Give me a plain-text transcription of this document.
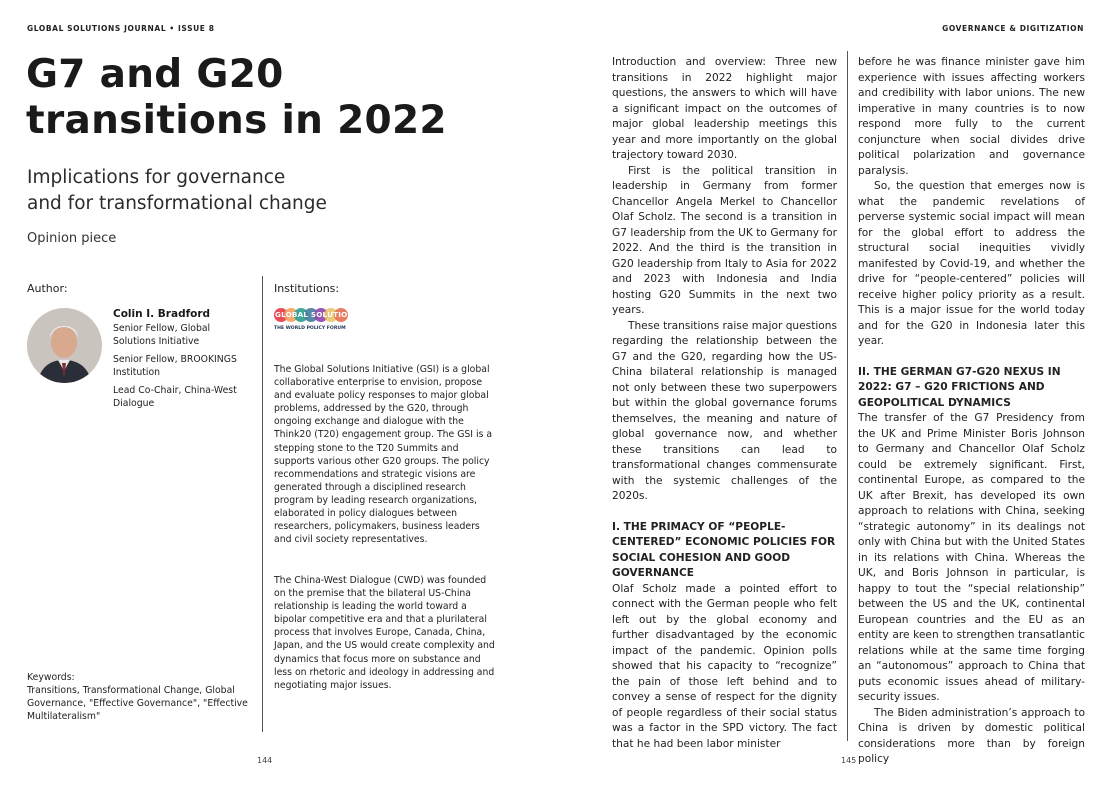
GLOBAL SOLUTIONS JOURNAL • ISSUE 8	GOVERNANCE & DIGITIZATION
G7 and G20
transitions in 2022
Implications for governance
and for transformational change
Opinion piece
Author:
Colin I. Bradford
Senior Fellow, Global Solutions Initiative
Senior Fellow, BROOKINGS Institution
Lead Co-Chair, China-West Dialogue
Institutions:
GLOBAL SOLUTIONS
THE WORLD POLICY FORUM
The Global Solutions Initiative (GSI) is a global collaborative enterprise to envision, propose and evaluate policy responses to major global problems, addressed by the G20, through ongoing exchange and dialogue with the Think20 (T20) engagement group. The GSI is a stepping stone to the T20 Summits and supports various other G20 groups. The policy recommendations and strategic visions are generated through a disciplined research program by leading research organizations, elaborated in policy dialogues between researchers, policymakers, business leaders and civil society representatives.
The China-West Dialogue (CWD) was founded on the premise that the bilateral US-China relationship is leading the world toward a bipolar competitive era and that a plurilateral process that involves Europe, Canada, China, Japan, and the US would create complexity and dynamics that focus more on substance and less on rhetoric and ideology in addressing and negotiating major issues.
Keywords:
Transitions, Transformational Change, Global Governance, "Effective Governance", "Effective Multilateralism"
144	145

Introduction and overview: Three new transitions in 2022 highlight major questions, the answers to which will have a significant impact on the outcomes of major global leadership meetings this year and more importantly on the global trajectory toward 2030.

First is the political transition in leadership in Germany from former Chancellor Angela Merkel to Chancellor Olaf Scholz. The second is a transition in G7 leadership from the UK to Germany for 2022. And the third is the transition in G20 leadership from Italy to Asia for 2022 and 2023 with Indonesia and India hosting G20 Summits in the next two years.

These transitions raise major questions regarding the relationship between the G7 and the G20, regarding how the US-China bilateral relationship is managed not only between these two superpowers but within the global governance forums themselves, the meaning and nature of global governance now, and whether these transitions can lead to transformational changes commensurate with the systemic challenges of the 2020s.

I. THE PRIMACY OF “PEOPLE-CENTERED” ECONOMIC POLICIES FOR SOCIAL COHESION AND GOOD GOVERNANCE

Olaf Scholz made a pointed effort to connect with the German people who felt left out by the global economy and further disadvantaged by the economic impact of the pandemic. Opinion polls showed that his capacity to “recognize” the pain of those left behind and to convey a sense of respect for the dignity of people regardless of their social status was a factor in the SPD victory. The fact that he had been labor minister

before he was finance minister gave him experience with issues affecting workers and credibility with labor unions. The new imperative in many countries is to now respond more fully to the current conjuncture when social divides drive political polarization and governance paralysis.

So, the question that emerges now is what the pandemic revelations of perverse systemic social impact will mean for the global effort to address the structural social inequities vividly manifested by Covid-19, and whether the drive for “people-centered” policies will receive higher policy priority as a result. This is a major issue for the world today and for the G20 in Indonesia later this year.

II. THE GERMAN G7-G20 NEXUS IN 2022: G7 – G20 FRICTIONS AND GEOPOLITICAL DYNAMICS

The transfer of the G7 Presidency from the UK and Prime Minister Boris Johnson to Germany and Chancellor Olaf Scholz could be extremely significant. First, continental Europe, as compared to the UK after Brexit, has developed its own approach to relations with China, seeking “strategic autonomy” in its dealings not only with China but with the United States in its relations with China. Whereas the UK, and Boris Johnson in particular, is happy to tout the “special relationship” between the US and the UK, continental European countries and the EU as an entity are keen to strengthen transatlantic relations while at the same time forging an “autonomous” approach to China that puts economic issues ahead of military-security issues.

The Biden administration’s approach to China is driven by domestic political considerations more than by foreign policy
